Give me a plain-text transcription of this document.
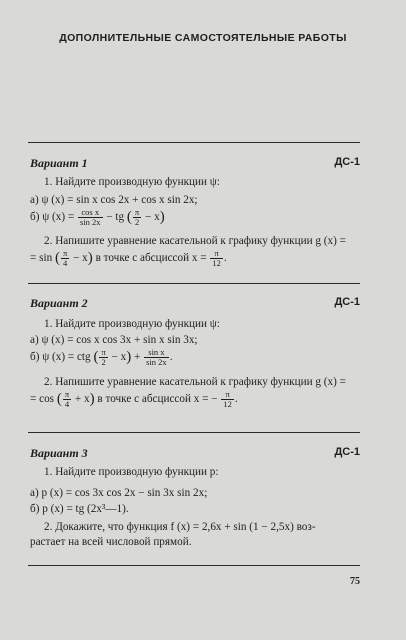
ДОПОЛНИТЕЛЬНЫЕ САМОСТОЯТЕЛЬНЫЕ РАБОТЫ
Вариант 1	ДС-1
1. Найдите производную функции ψ:
а) ψ (x) = sin x cos 2x + cos x sin 2x;
б) ψ $(x) = \frac{\text{cos x}}{\sin 2x}$ − tg ( $\frac{\pi}{2} - x$)
2. Напишите уравнение касательной к графику функции g (x) =
= sin ( $\frac{\pi}{4} - x$) в точке с абсциссой $x = \frac{\pi}{12}$ .
Вариант 2	ДС-1
1. Найдите производную функции ψ:
а) ψ (x) = cos x cos 3x + sin x sin 3x;
б) ψ (x) = ctg ( $\frac{\pi}{2} - x) + \frac{\text{sin x}}{\sin 2x}$ .
2. Напишите уравнение касательной к графику функции g (x) =
= cos ( $\frac{\pi}{4} + x$) в точке с абсциссой x = − $\frac{\pi}{12}$ .
Вариант 3	ДС-1
1. Найдите производную функции p:
а) p (x) = cos 3x cos 2x − sin 3x sin 2x;
б) p (x) = tg (2x³—1).
2. Докажите, что функция f (x) = 2,6x + sin (1 − 2,5x) воз-
растает на всей числовой прямой.
75
